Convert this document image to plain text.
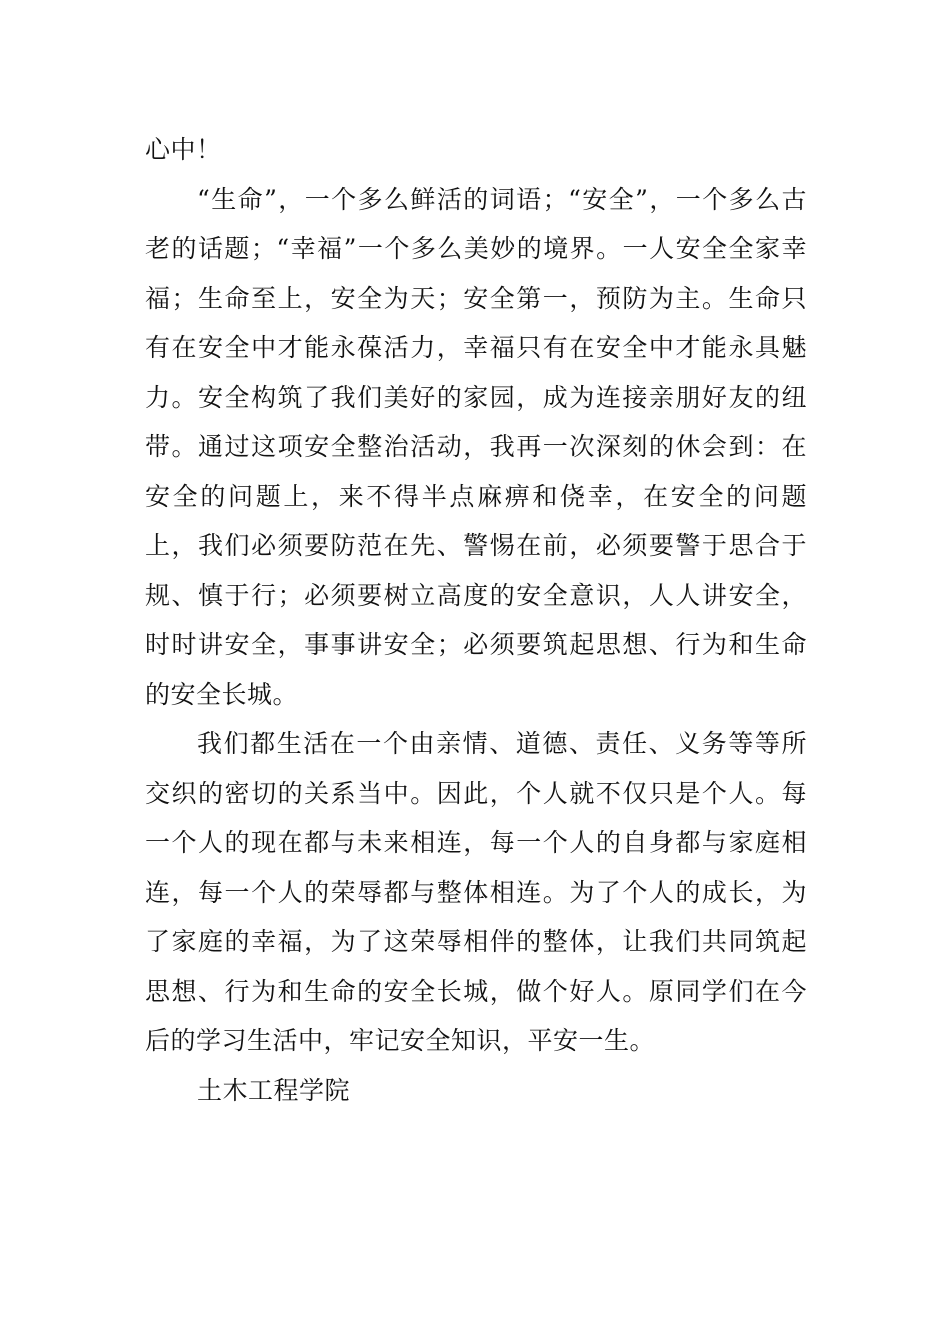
心中！

“生命”，一个多么鲜活的词语；“安全”，一个多么古老的话题；“幸福”一个多么美妙的境界。一人安全全家幸福；生命至上，安全为天；安全第一，预防为主。生命只有在安全中才能永葆活力，幸福只有在安全中才能永具魅力。安全构筑了我们美好的家园，成为连接亲朋好友的纽带。通过这项安全整治活动，我再一次深刻的休会到：在安全的问题上，来不得半点麻痹和侥幸，在安全的问题上，我们必须要防范在先、警惕在前，必须要警于思合于规、慎于行；必须要树立高度的安全意识，人人讲安全，时时讲安全，事事讲安全；必须要筑起思想、行为和生命的安全长城。

我们都生活在一个由亲情、道德、责任、义务等等所交织的密切的关系当中。因此，个人就不仅只是个人。每一个人的现在都与未来相连，每一个人的自身都与家庭相连，每一个人的荣辱都与整体相连。为了个人的成长，为了家庭的幸福，为了这荣辱相伴的整体，让我们共同筑起思想、行为和生命的安全长城，做个好人。原同学们在今后的学习生活中，牢记安全知识，平安一生。

土木工程学院
